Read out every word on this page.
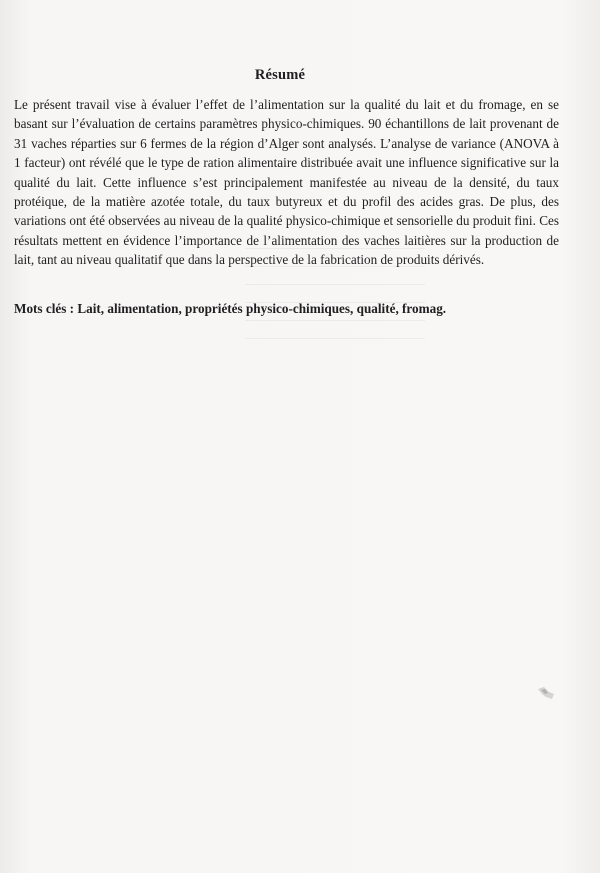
Résumé

Le présent travail vise à évaluer l’effet de l’alimentation sur la qualité du lait et du fromage, en se basant sur l’évaluation de certains paramètres physico-chimiques. 90 échantillons de lait provenant de 31 vaches réparties sur 6 fermes de la région d’Alger sont analysés. L’analyse de variance (ANOVA à 1 facteur) ont révélé que le type de ration alimentaire distribuée avait une influence significative sur la qualité du lait. Cette influence s’est principalement manifestée au niveau de la densité, du taux protéique, de la matière azotée totale, du taux butyreux et du profil des acides gras. De plus, des variations ont été observées au niveau de la qualité physico-chimique et sensorielle du produit fini. Ces résultats mettent en évidence l’importance de l’alimentation des vaches laitières sur la production de lait, tant au niveau qualitatif que dans la perspective de la fabrication de produits dérivés.

Mots clés : Lait, alimentation, propriétés physico-chimiques, qualité, fromag.
